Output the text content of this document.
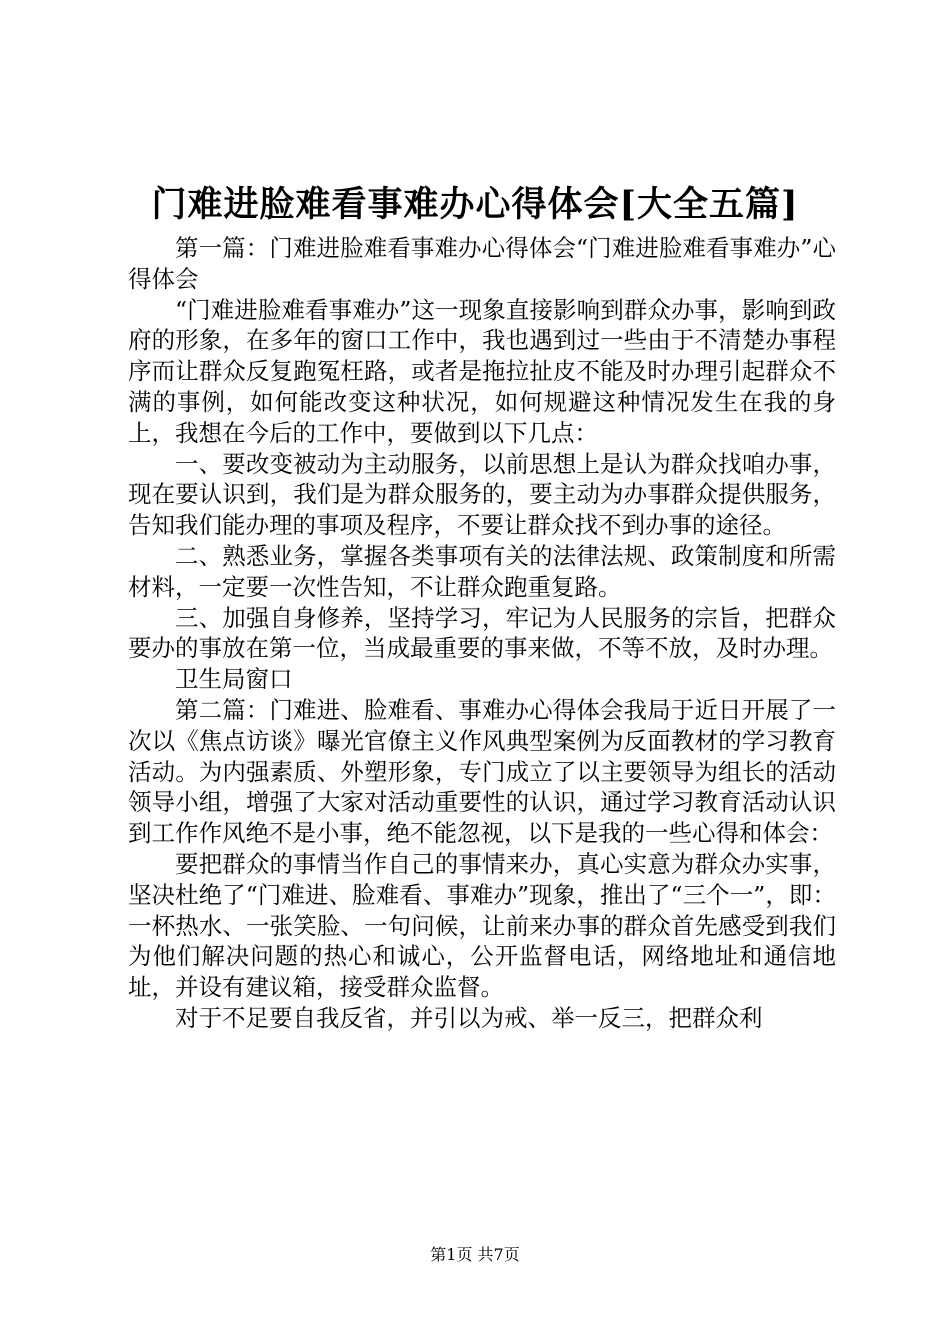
门难进脸难看事难办心得体会[大全五篇]

第一篇：门难进脸难看事难办心得体会“门难进脸难看事难办”心得体会

“门难进脸难看事难办”这一现象直接影响到群众办事，影响到政府的形象，在多年的窗口工作中，我也遇到过一些由于不清楚办事程序而让群众反复跑冤枉路，或者是拖拉扯皮不能及时办理引起群众不满的事例，如何能改变这种状况，如何规避这种情况发生在我的身上，我想在今后的工作中，要做到以下几点：

一、要改变被动为主动服务，以前思想上是认为群众找咱办事，现在要认识到，我们是为群众服务的，要主动为办事群众提供服务，告知我们能办理的事项及程序，不要让群众找不到办事的途径。

二、熟悉业务，掌握各类事项有关的法律法规、政策制度和所需材料，一定要一次性告知，不让群众跑重复路。

三、加强自身修养，坚持学习，牢记为人民服务的宗旨，把群众要办的事放在第一位，当成最重要的事来做，不等不放，及时办理。

卫生局窗口

第二篇：门难进、脸难看、事难办心得体会我局于近日开展了一次以《焦点访谈》曝光官僚主义作风典型案例为反面教材的学习教育活动。为内强素质、外塑形象，专门成立了以主要领导为组长的活动领导小组，增强了大家对活动重要性的认识，通过学习教育活动认识到工作作风绝不是小事，绝不能忽视，以下是我的一些心得和体会：

要把群众的事情当作自己的事情来办，真心实意为群众办实事，坚决杜绝了“门难进、脸难看、事难办”现象，推出了“三个一”，即：一杯热水、一张笑脸、一句问候，让前来办事的群众首先感受到我们为他们解决问题的热心和诚心，公开监督电话，网络地址和通信地址，并设有建议箱，接受群众监督。

对于不足要自我反省，并引以为戒、举一反三，把群众利

第1页 共7页
